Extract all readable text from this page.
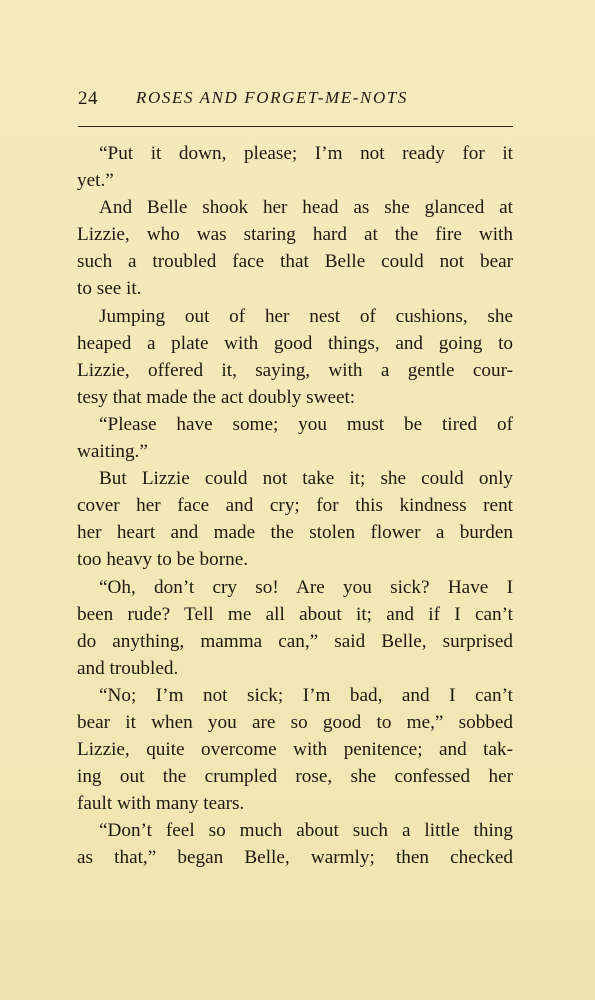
24 ROSES AND FORGET-ME-NOTS
“Put it down, please; I’m not ready for it
yet.”
And Belle shook her head as she glanced at
Lizzie, who was staring hard at the fire with
such a troubled face that Belle could not bear
to see it.
Jumping out of her nest of cushions, she
heaped a plate with good things, and going to
Lizzie, offered it, saying, with a gentle cour-
tesy that made the act doubly sweet:
“Please have some; you must be tired of
waiting.”
But Lizzie could not take it; she could only
cover her face and cry; for this kindness rent
her heart and made the stolen flower a burden
too heavy to be borne.
“Oh, don’t cry so! Are you sick? Have I
been rude? Tell me all about it; and if I can’t
do anything, mamma can,” said Belle, surprised
and troubled.
“No; I’m not sick; I’m bad, and I can’t
bear it when you are so good to me,” sobbed
Lizzie, quite overcome with penitence; and tak-
ing out the crumpled rose, she confessed her
fault with many tears.
“Don’t feel so much about such a little thing
as that,” began Belle, warmly; then checked
